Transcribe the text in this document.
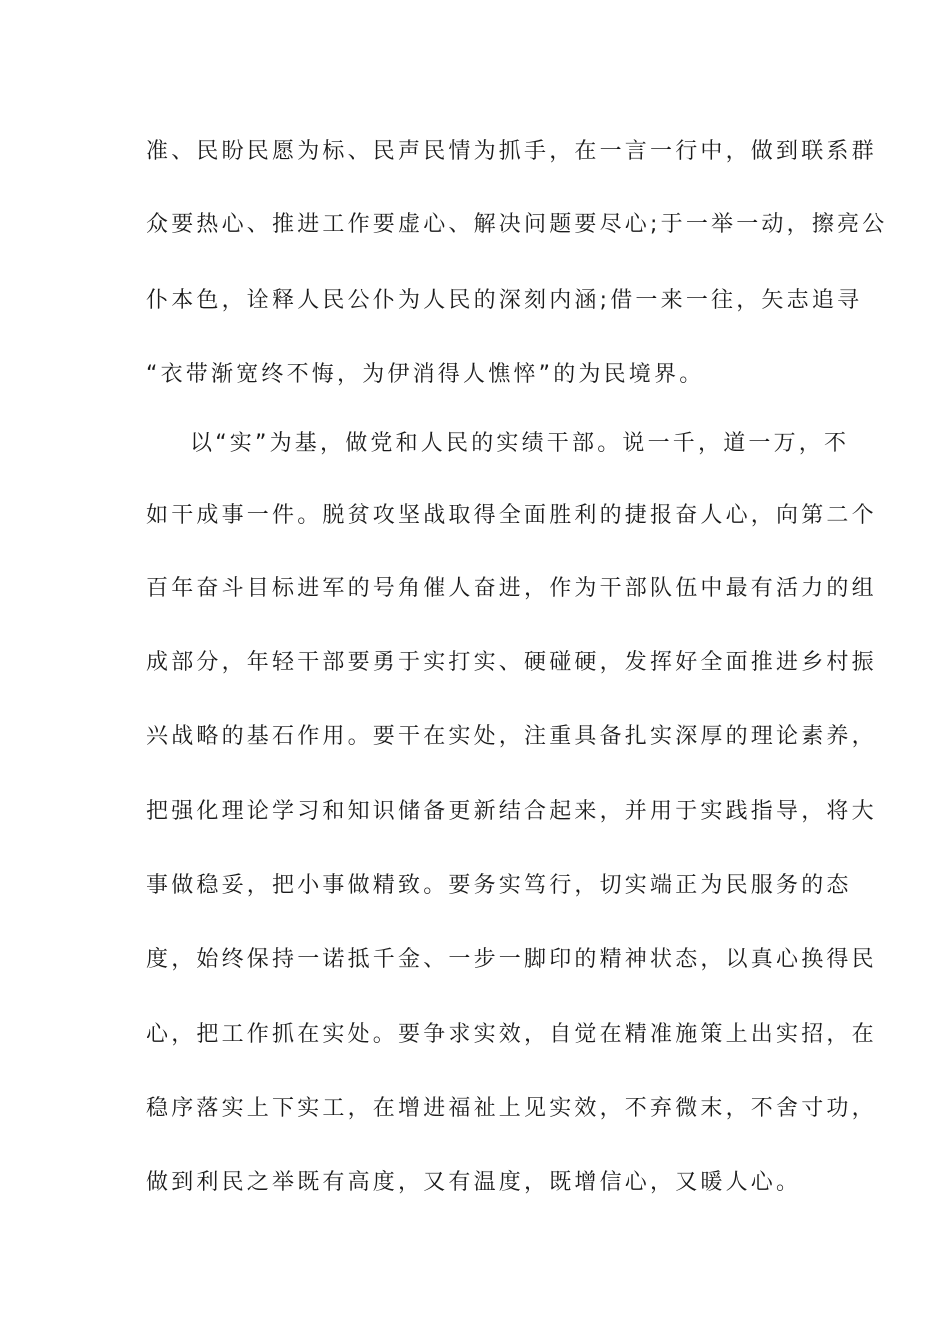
准、民盼民愿为标、民声民情为抓手，在一言一行中，做到联系群
众要热心、推进工作要虚心、解决问题要尽心;于一举一动，擦亮公
仆本色，诠释人民公仆为人民的深刻内涵;借一来一往，矢志追寻
“衣带渐宽终不悔，为伊消得人憔悴”的为民境界。
以“实”为基，做党和人民的实绩干部。说一千，道一万，不
如干成事一件。脱贫攻坚战取得全面胜利的捷报奋人心，向第二个
百年奋斗目标进军的号角催人奋进，作为干部队伍中最有活力的组
成部分，年轻干部要勇于实打实、硬碰硬，发挥好全面推进乡村振
兴战略的基石作用。要干在实处，注重具备扎实深厚的理论素养，
把强化理论学习和知识储备更新结合起来，并用于实践指导，将大
事做稳妥，把小事做精致。要务实笃行，切实端正为民服务的态
度，始终保持一诺抵千金、一步一脚印的精神状态，以真心换得民
心，把工作抓在实处。要争求实效，自觉在精准施策上出实招，在
稳序落实上下实工，在增进福祉上见实效，不弃微末，不舍寸功，
做到利民之举既有高度，又有温度，既增信心，又暖人心。
